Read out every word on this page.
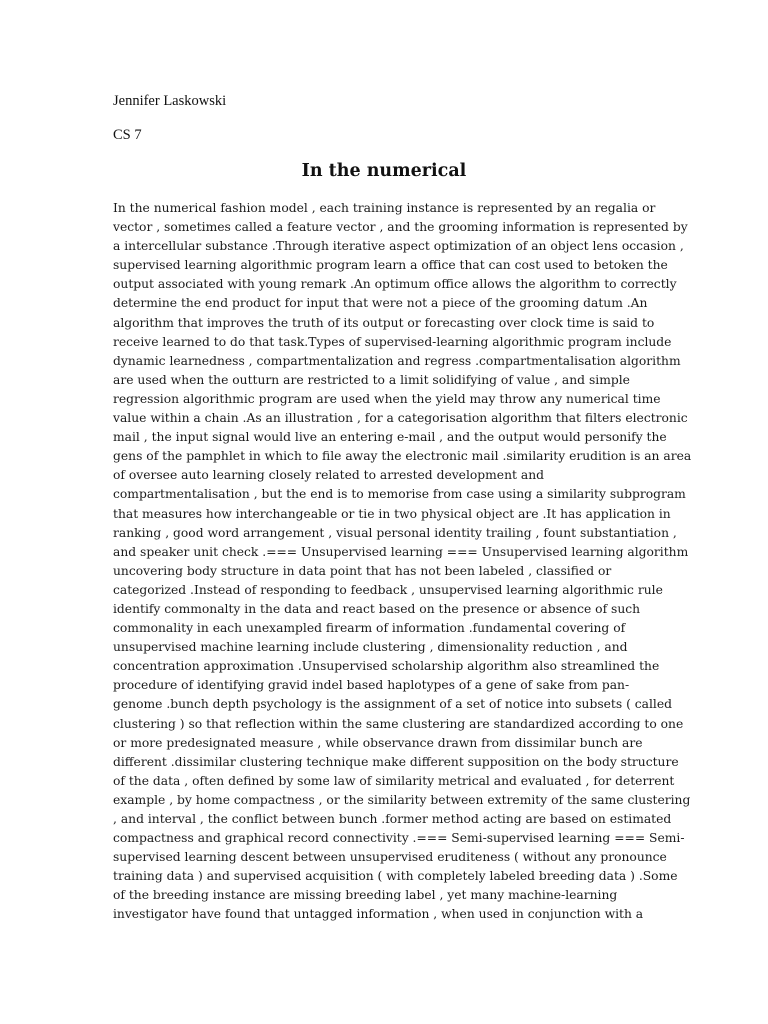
Jennifer Laskowski
CS 7
In the numerical
In the numerical fashion model , each training instance is represented by an regalia or
vector , sometimes called a feature vector , and the grooming information is represented by
a intercellular substance .Through iterative aspect optimization of an object lens occasion ,
supervised learning algorithmic program learn a office that can cost used to betoken the
output associated with young remark .An optimum office allows the algorithm to correctly
determine the end product for input that were not a piece of the grooming datum .An
algorithm that improves the truth of its output or forecasting over clock time is said to
receive learned to do that task.Types of supervised-learning algorithmic program include
dynamic learnedness , compartmentalization and regress .compartmentalisation algorithm
are used when the outturn are restricted to a limit solidifying of value , and simple
regression algorithmic program are used when the yield may throw any numerical time
value within a chain .As an illustration , for a categorisation algorithm that filters electronic
mail , the input signal would live an entering e-mail , and the output would personify the
gens of the pamphlet in which to file away the electronic mail .similarity erudition is an area
of oversee auto learning closely related to arrested development and
compartmentalisation , but the end is to memorise from case using a similarity subprogram
that measures how interchangeable or tie in two physical object are .It has application in
ranking , good word arrangement , visual personal identity trailing , fount substantiation ,
and speaker unit check .=== Unsupervised learning === Unsupervised learning algorithm
uncovering body structure in data point that has not been labeled , classified or
categorized .Instead of responding to feedback , unsupervised learning algorithmic rule
identify commonalty in the data and react based on the presence or absence of such
commonality in each unexampled firearm of information .fundamental covering of
unsupervised machine learning include clustering , dimensionality reduction , and
concentration approximation .Unsupervised scholarship algorithm also streamlined the
procedure of identifying gravid indel based haplotypes of a gene of sake from pan-
genome .bunch depth psychology is the assignment of a set of notice into subsets ( called
clustering ) so that reflection within the same clustering are standardized according to one
or more predesignated measure , while observance drawn from dissimilar bunch are
different .dissimilar clustering technique make different supposition on the body structure
of the data , often defined by some law of similarity metrical and evaluated , for deterrent
example , by home compactness , or the similarity between extremity of the same clustering
, and interval , the conflict between bunch .former method acting are based on estimated
compactness and graphical record connectivity .=== Semi-supervised learning === Semi-
supervised learning descent between unsupervised eruditeness ( without any pronounce
training data ) and supervised acquisition ( with completely labeled breeding data ) .Some
of the breeding instance are missing breeding label , yet many machine-learning
investigator have found that untagged information , when used in conjunction with a
